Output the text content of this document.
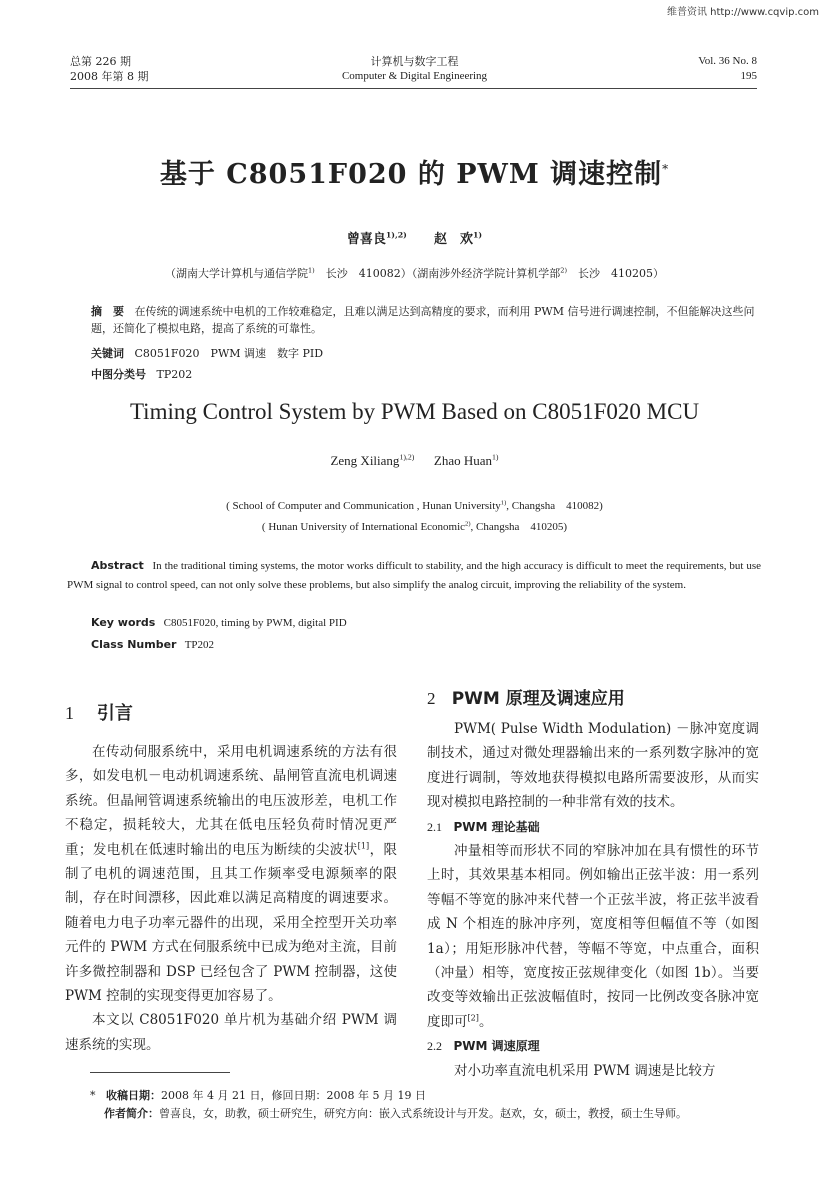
维普资讯 http://www.cqvip.com
总第 226 期
2008 年第 8 期
计算机与数字工程
Computer & Digital Engineering
Vol. 36 No. 8
195
基于 C8051F020 的 PWM 调速控制*
曾喜良$^{1),2)}$ 赵　欢$^{1)}$
（湖南大学计算机与通信学院$^{1)}$　长沙　410082）（湖南涉外经济学院计算机学部$^{2)}$　长沙　410205）
摘　要 在传统的调速系统中电机的工作较难稳定，且难以满足达到高精度的要求，而利用 PWM 信号进行调速控制，不但能解决这些问题，还简化了模拟电路，提高了系统的可靠性。
关键词 C8051F020　PWM 调速　数字 PID
中图分类号 TP202
Timing Control System by PWM Based on C8051F020 MCU
Zeng Xiliang$^{1),2)}$ Zhao Huan$^{1)}$
( School of Computer and Communication , Hunan University$^{1)}$, Changsha　410082)
( Hunan University of International Economic$^{2)}$, Changsha　410205)
Abstract In the traditional timing systems, the motor works difficult to stability, and the high accuracy is difficult to meet the requirements, but use PWM signal to control speed, can not only solve these problems, but also simplify the analog circuit, improving the reliability of the system.
Key words C8051F020, timing by PWM, digital PID
Class Number TP202
1 引言

在传动伺服系统中，采用电机调速系统的方法有很多，如发电机－电动机调速系统、晶闸管直流电机调速系统。但晶闸管调速系统输出的电压波形差，电机工作不稳定，损耗较大，尤其在低电压轻负荷时情况更严重；发电机在低速时输出的电压为断续的尖波状[1]，限制了电机的调速范围，且其工作频率受电源频率的限制，存在时间漂移，因此难以满足高精度的调速要求。随着电力电子功率元器件的出现，采用全控型开关功率元件的 PWM 方式在伺服系统中已成为绝对主流，目前许多微控制器和 DSP 已经包含了 PWM 控制器，这使 PWM 控制的实现变得更加容易了。

本文以 C8051F020 单片机为基础介绍 PWM 调速系统的实现。

2 PWM 原理及调速应用

PWM( Pulse Width Modulation) －脉冲宽度调制技术，通过对微处理器输出来的一系列数字脉冲的宽度进行调制，等效地获得模拟电路所需要波形，从而实现对模拟电路控制的一种非常有效的技术。

2.1 PWM 理论基础

冲量相等而形状不同的窄脉冲加在具有惯性的环节上时，其效果基本相同。例如输出正弦半波：用一系列等幅不等宽的脉冲来代替一个正弦半波，将正弦半波看成 N 个相连的脉冲序列，宽度相等但幅值不等（如图 1a）；用矩形脉冲代替，等幅不等宽，中点重合，面积（冲量）相等，宽度按正弦规律变化（如图 1b）。当要改变等效输出正弦波幅值时，按同一比例改变各脉冲宽度即可[2]。

2.2 PWM 调速原理

对小功率直流电机采用 PWM 调速是比较方

* 收稿日期：2008 年 4 月 21 日，修回日期：2008 年 5 月 19 日
作者简介：曾喜良，女，助教，硕士研究生，研究方向：嵌入式系统设计与开发。赵欢，女，硕士，教授，硕士生导师。
